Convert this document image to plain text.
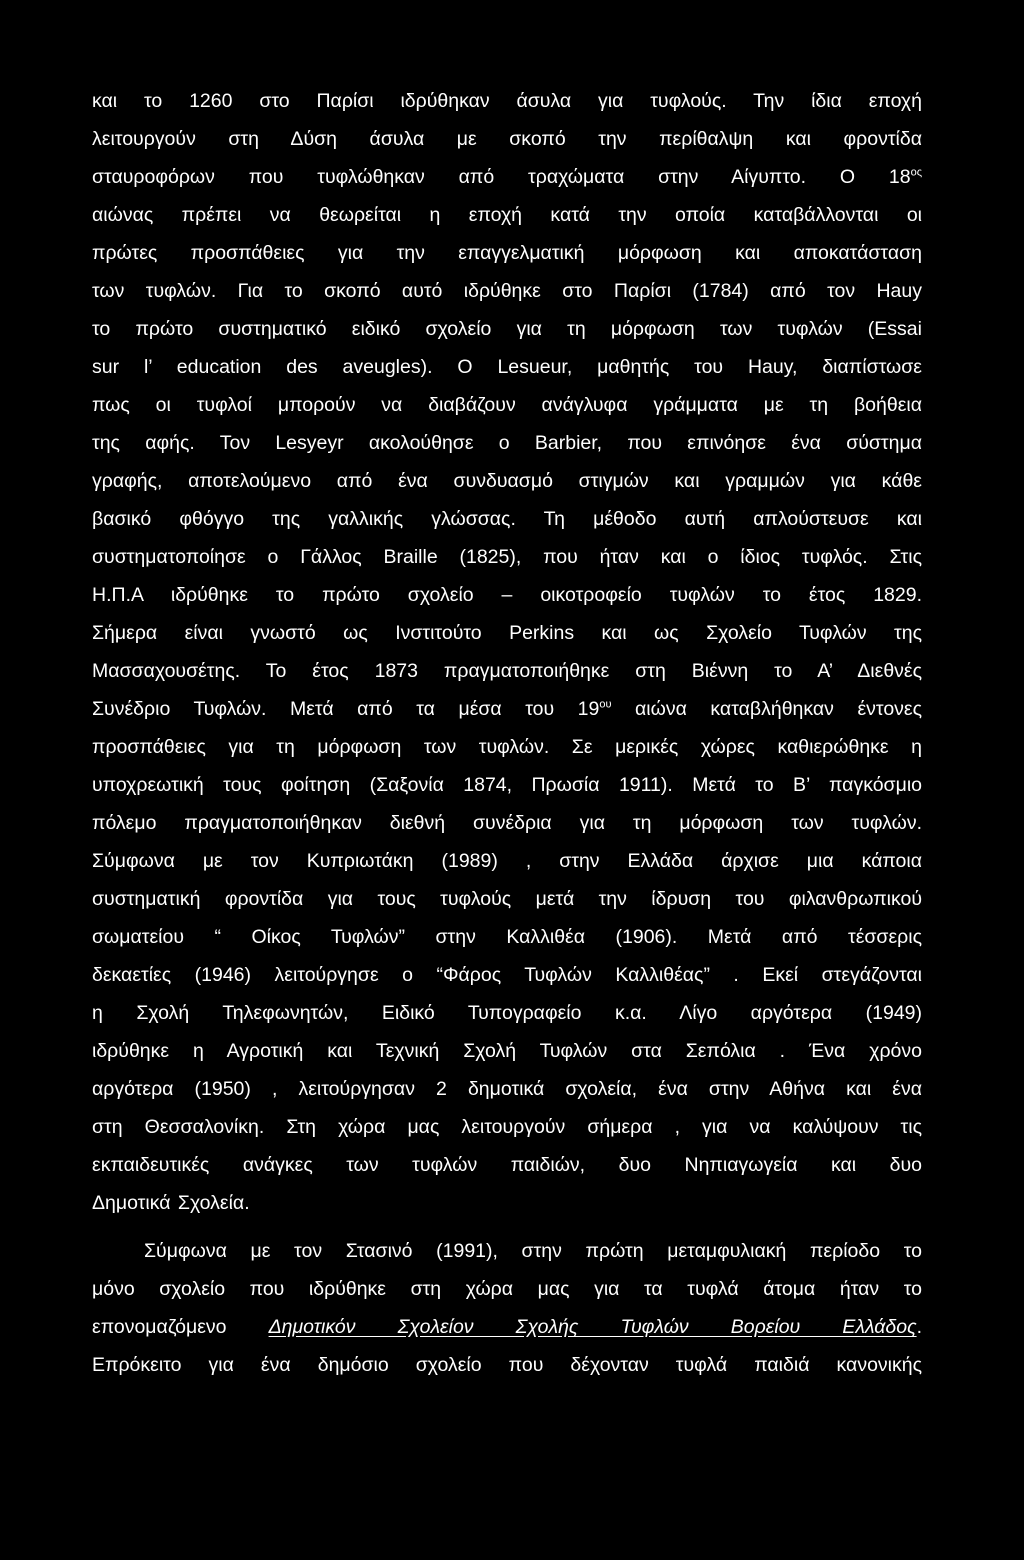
και το 1260 στο Παρίσι ιδρύθηκαν άσυλα για τυφλούς. Την ίδια εποχή
λειτουργούν στη Δύση άσυλα με σκοπό την περίθαλψη και φροντίδα
σταυροφόρων που τυφλώθηκαν από τραχώματα στην Αίγυπτο. Ο $18^{o\varsigma}$
αιώνας πρέπει να θεωρείται η εποχή κατά την οποία καταβάλλονται οι
πρώτες προσπάθειες για την επαγγελματική μόρφωση και αποκατάσταση
των τυφλών. Για το σκοπό αυτό ιδρύθηκε στο Παρίσι (1784) από τον Hauy
το πρώτο συστηματικό ειδικό σχολείο για τη μόρφωση των τυφλών (Essai
sur l’ education des aveugles). Ο Lesueur, μαθητής του Hauy, διαπίστωσε
πως οι τυφλοί μπορούν να διαβάζουν ανάγλυφα γράμματα με τη βοήθεια
της αφής. Τον Lesyeyr ακολούθησε ο Barbier, που επινόησε ένα σύστημα
γραφής, αποτελούμενο από ένα συνδυασμό στιγμών και γραμμών για κάθε
βασικό φθόγγο της γαλλικής γλώσσας. Τη μέθοδο αυτή απλούστευσε και
συστηματοποίησε ο Γάλλος Braille (1825), που ήταν και ο ίδιος τυφλός. Στις
Η.Π.Α ιδρύθηκε το πρώτο σχολείο – οικοτροφείο τυφλών το έτος 1829.
Σήμερα είναι γνωστό ως Ινστιτούτο Perkins και ως Σχολείο Τυφλών της
Μασσαχουσέτης. Το έτος 1873 πραγματοποιήθηκε στη Βιέννη το Α’ Διεθνές
Συνέδριο Τυφλών. Μετά από τα μέσα του $19^{o\upsilon}$ αιώνα καταβλήθηκαν έντονες
προσπάθειες για τη μόρφωση των τυφλών. Σε μερικές χώρες καθιερώθηκε η
υποχρεωτική τους φοίτηση (Σαξονία 1874, Πρωσία 1911). Μετά το Β’ παγκόσμιο
πόλεμο πραγματοποιήθηκαν διεθνή συνέδρια για τη μόρφωση των τυφλών.
Σύμφωνα με τον Κυπριωτάκη (1989) , στην Ελλάδα άρχισε μια κάποια
συστηματική φροντίδα για τους τυφλούς μετά την ίδρυση του φιλανθρωπικού
σωματείου “ Οίκος Τυφλών” στην Καλλιθέα (1906). Μετά από τέσσερις
δεκαετίες (1946) λειτούργησε ο “Φάρος Τυφλών Καλλιθέας” . Εκεί στεγάζονται
η Σχολή Τηλεφωνητών, Ειδικό Τυπογραφείο κ.α. Λίγο αργότερα (1949)
ιδρύθηκε η Αγροτική και Τεχνική Σχολή Τυφλών στα Σεπόλια . Ένα χρόνο
αργότερα (1950) , λειτούργησαν 2 δημοτικά σχολεία, ένα στην Αθήνα και ένα
στη Θεσσαλονίκη. Στη χώρα μας λειτουργούν σήμερα , για να καλύψουν τις
εκπαιδευτικές ανάγκες των τυφλών παιδιών, δυο Νηπιαγωγεία και δυο
Δημοτικά Σχολεία.
Σύμφωνα με τον Στασινό (1991), στην πρώτη μεταμφυλιακή περίοδο το
μόνο σχολείο που ιδρύθηκε στη χώρα μας για τα τυφλά άτομα ήταν το
επονομαζόμενο Δημοτικόν Σχολείον Σχολής Τυφλών Βορείου Ελλάδος.
Επρόκειτο για ένα δημόσιο σχολείο που δέχονταν τυφλά παιδιά κανονικής
